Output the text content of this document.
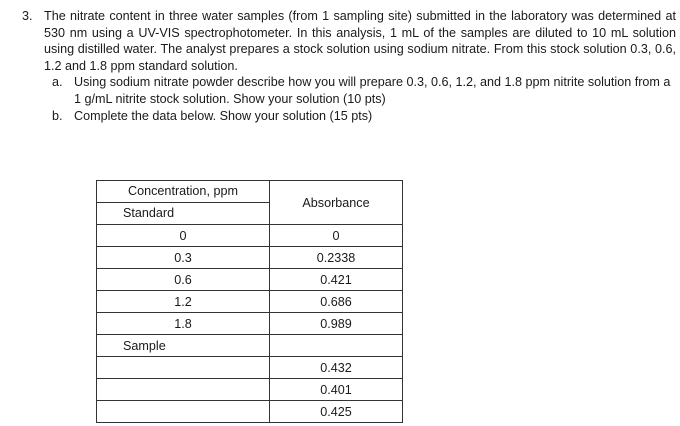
3. The nitrate content in three water samples (from 1 sampling site) submitted in the laboratory was determined at 530 nm using a UV-VIS spectrophotometer. In this analysis, 1 mL of the samples are diluted to 10 mL solution using distilled water. The analyst prepares a stock solution using sodium nitrate. From this stock solution 0.3, 0.6, 1.2 and 1.8 ppm standard solution.
a. Using sodium nitrate powder describe how you will prepare 0.3, 0.6, 1.2, and 1.8 ppm nitrite solution from a 1 g/mL nitrite stock solution. Show your solution (10 pts)
b. Complete the data below. Show your solution (15 pts)
Concentration, ppm
Standard	Absorbance
0	0
0.3	0.2338
0.6	0.421
1.2	0.686
1.8	0.989
Sample	
	0.432
	0.401
	0.425
